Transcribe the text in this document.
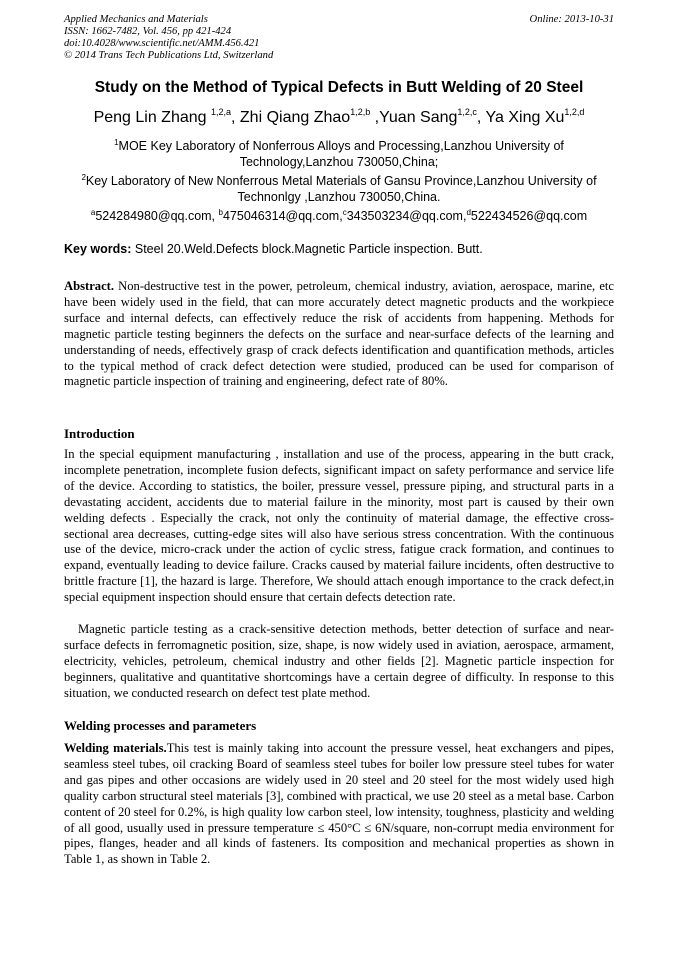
Applied Mechanics and Materials
ISSN: 1662-7482, Vol. 456, pp 421-424
doi:10.4028/www.scientific.net/AMM.456.421
© 2014 Trans Tech Publications Ltd, Switzerland
Online: 2013-10-31
Study on the Method of Typical Defects in Butt Welding of 20 Steel
Peng Lin Zhang $^{1,2,a}$, Zhi Qiang Zhao$^{1,2,b}$ ,Yuan Sang$^{1,2,c}$, Ya Xing Xu$^{1,2,d}$
$^1$MOE Key Laboratory of Nonferrous Alloys and Processing,Lanzhou University of Technology,Lanzhou 730050,China;
$^2$Key Laboratory of New Nonferrous Metal Materials of Gansu Province,Lanzhou University of Technonlgy ,Lanzhou 730050,China.
$^a$524284980@qq.com, $^b$475046314@qq.com,$^c$343503234@qq.com,$^d$522434526@qq.com
Key words: Steel 20.Weld.Defects block.Magnetic Particle inspection. Butt.
Abstract. Non-destructive test in the power, petroleum, chemical industry, aviation, aerospace, marine, etc have been widely used in the field, that can more accurately detect magnetic products and the workpiece surface and internal defects, can effectively reduce the risk of accidents from happening. Methods for magnetic particle testing beginners the defects on the surface and near-surface defects of the learning and understanding of needs, effectively grasp of crack defects identification and quantification methods, articles to the typical method of crack defect detection were studied, produced can be used for comparison of magnetic particle inspection of training and engineering, defect rate of 80%.
Introduction
In the special equipment manufacturing , installation and use of the process, appearing in the butt crack, incomplete penetration, incomplete fusion defects, significant impact on safety performance and service life of the device. According to statistics, the boiler, pressure vessel, pressure piping, and structural parts in a devastating accident, accidents due to material failure in the minority, most part is caused by their own welding defects . Especially the crack, not only the continuity of material damage, the effective cross-sectional area decreases, cutting-edge sites will also have serious stress concentration. With the continuous use of the device, micro-crack under the action of cyclic stress, fatigue crack formation, and continues to expand, eventually leading to device failure. Cracks caused by material failure incidents, often destructive to brittle fracture [1], the hazard is large. Therefore, We should attach enough importance to the crack defect,in special equipment inspection should ensure that certain defects detection rate.
Magnetic particle testing as a crack-sensitive detection methods, better detection of surface and near-surface defects in ferromagnetic position, size, shape, is now widely used in aviation, aerospace, armament, electricity, vehicles, petroleum, chemical industry and other fields [2]. Magnetic particle inspection for beginners, qualitative and quantitative shortcomings have a certain degree of difficulty. In response to this situation, we conducted research on defect test plate method.
Welding processes and parameters
Welding materials.This test is mainly taking into account the pressure vessel, heat exchangers and pipes, seamless steel tubes, oil cracking Board of seamless steel tubes for boiler low pressure steel tubes for water and gas pipes and other occasions are widely used in 20 steel and 20 steel for the most widely used high quality carbon structural steel materials [3], combined with practical, we use 20 steel as a metal base. Carbon content of 20 steel for 0.2%, is high quality low carbon steel, low intensity, toughness, plasticity and welding of all good, usually used in pressure temperature ≤ 450°C ≤ 6N/square, non-corrupt media environment for pipes, flanges, header and all kinds of fasteners. Its composition and mechanical properties as shown in Table 1, as shown in Table 2.
